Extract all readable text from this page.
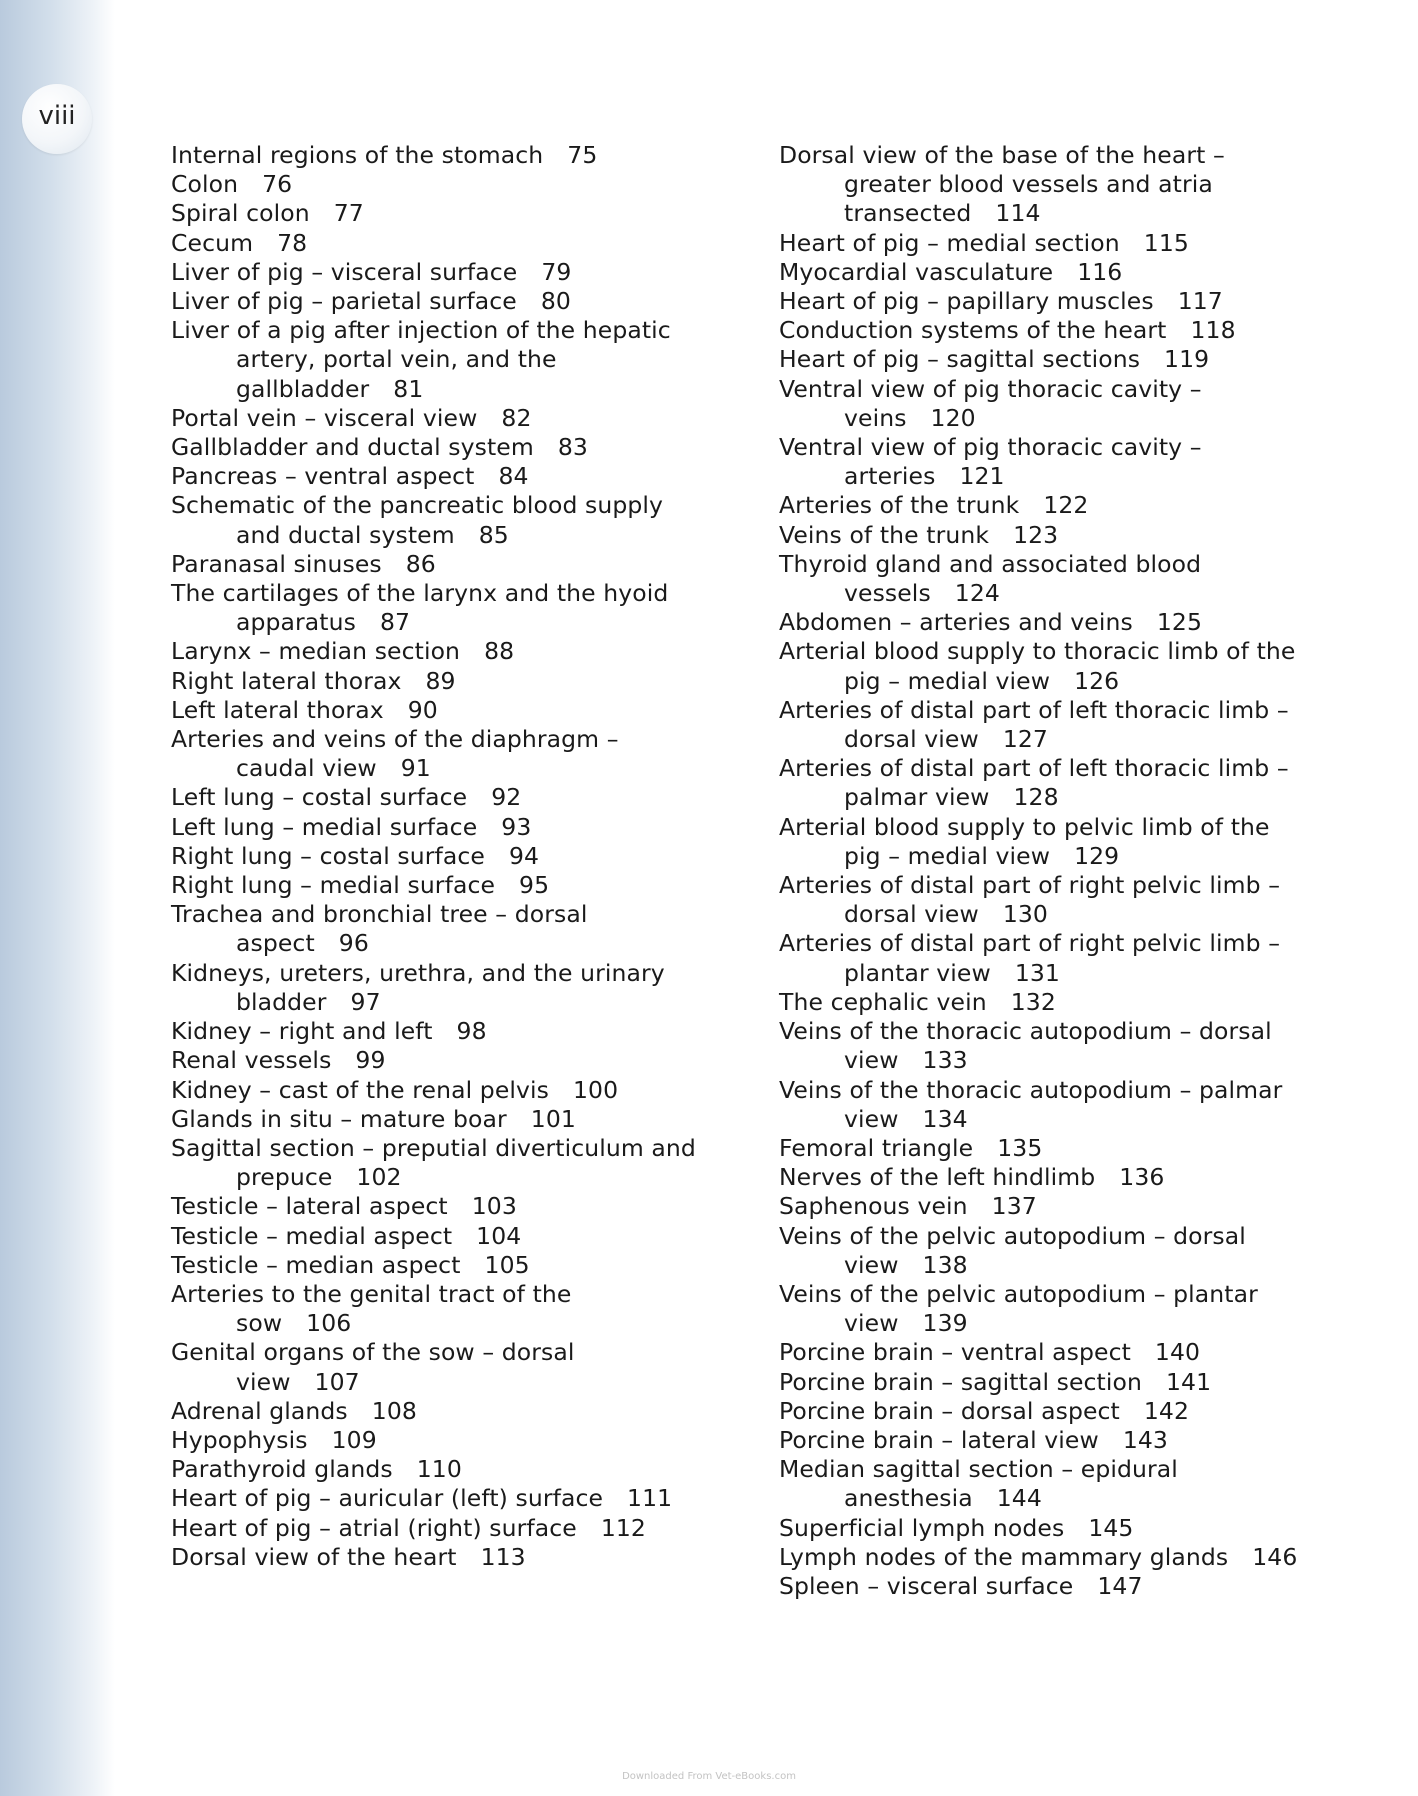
viii
Internal regions of the stomach 75
Colon 76
Spiral colon 77
Cecum 78
Liver of pig – visceral surface 79
Liver of pig – parietal surface 80
Liver of a pig after injection of the hepatic
artery, portal vein, and the
gallbladder 81
Portal vein – visceral view 82
Gallbladder and ductal system 83
Pancreas – ventral aspect 84
Schematic of the pancreatic blood supply
and ductal system 85
Paranasal sinuses 86
The cartilages of the larynx and the hyoid
apparatus 87
Larynx – median section 88
Right lateral thorax 89
Left lateral thorax 90
Arteries and veins of the diaphragm –
caudal view 91
Left lung – costal surface 92
Left lung – medial surface 93
Right lung – costal surface 94
Right lung – medial surface 95
Trachea and bronchial tree – dorsal
aspect 96
Kidneys, ureters, urethra, and the urinary
bladder 97
Kidney – right and left 98
Renal vessels 99
Kidney – cast of the renal pelvis 100
Glands in situ – mature boar 101
Sagittal section – preputial diverticulum and
prepuce 102
Testicle – lateral aspect 103
Testicle – medial aspect 104
Testicle – median aspect 105
Arteries to the genital tract of the
sow 106
Genital organs of the sow – dorsal
view 107
Adrenal glands 108
Hypophysis 109
Parathyroid glands 110
Heart of pig – auricular (left) surface 111
Heart of pig – atrial (right) surface 112
Dorsal view of the heart 113
Dorsal view of the base of the heart –
greater blood vessels and atria
transected 114
Heart of pig – medial section 115
Myocardial vasculature 116
Heart of pig – papillary muscles 117
Conduction systems of the heart 118
Heart of pig – sagittal sections 119
Ventral view of pig thoracic cavity –
veins 120
Ventral view of pig thoracic cavity –
arteries 121
Arteries of the trunk 122
Veins of the trunk 123
Thyroid gland and associated blood
vessels 124
Abdomen – arteries and veins 125
Arterial blood supply to thoracic limb of the
pig – medial view 126
Arteries of distal part of left thoracic limb –
dorsal view 127
Arteries of distal part of left thoracic limb –
palmar view 128
Arterial blood supply to pelvic limb of the
pig – medial view 129
Arteries of distal part of right pelvic limb –
dorsal view 130
Arteries of distal part of right pelvic limb –
plantar view 131
The cephalic vein 132
Veins of the thoracic autopodium – dorsal
view 133
Veins of the thoracic autopodium – palmar
view 134
Femoral triangle 135
Nerves of the left hindlimb 136
Saphenous vein 137
Veins of the pelvic autopodium – dorsal
view 138
Veins of the pelvic autopodium – plantar
view 139
Porcine brain – ventral aspect 140
Porcine brain – sagittal section 141
Porcine brain – dorsal aspect 142
Porcine brain – lateral view 143
Median sagittal section – epidural
anesthesia 144
Superficial lymph nodes 145
Lymph nodes of the mammary glands 146
Spleen – visceral surface 147
Downloaded From Vet-eBooks.com
